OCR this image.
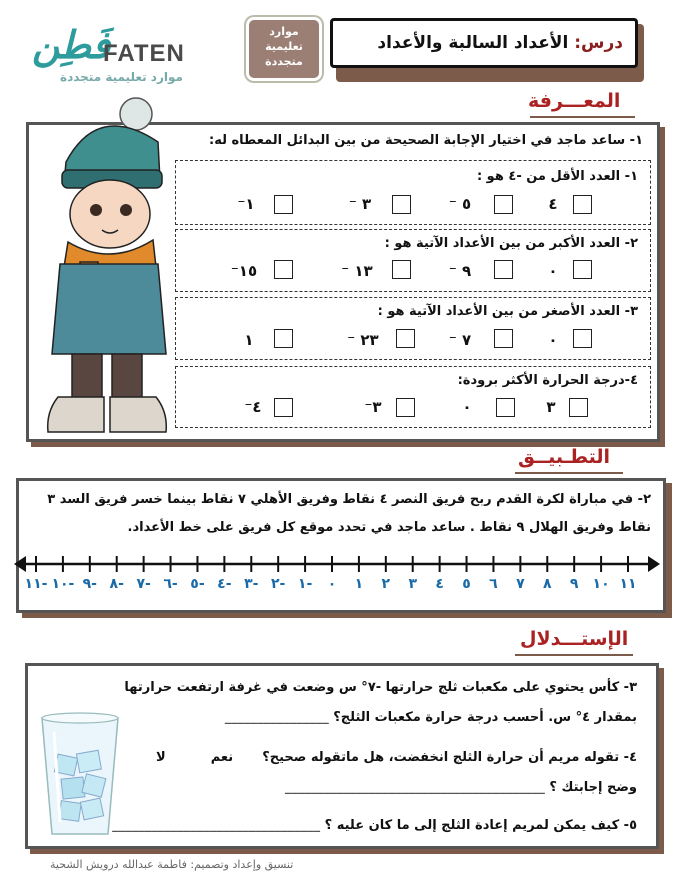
فَطِن
FATEN
موارد تعليمية متجددة
موارد
تعليمية
متجددة
درس: الأعداد السالبة والأعداد
المعـــرفة
١- ساعد ماجد في اختيار الإجابة الصحيحة من بين البدائل المعطاه له:
١- العدد الأقل من -٤ هو :
٢- العدد الأكبر من بين الأعداد الآتية هو :
٣- العدد الأصغر من بين الأعداد الآتية هو :
٤-درجة الحرارة الأكثر برودة:
٤
٥ ⁻
٣ ⁻
١⁻
٠
٩ ⁻
١٣ ⁻
١٥⁻
٠
٧ ⁻
٢٣ ⁻
١
٣
٠
٣⁻
٤⁻
التطـبيــق
٢- في مباراة لكرة القدم ربح فريق النصر ٤ نقاط وفريق الأهلي ٧ نقاط بينما خسر فريق السد ٣
نقاط وفريق الهلال ٩ نقاط . ساعد ماجد في تحدد موقع كل فريق على خط الأعداد.
-١١ -١٠ -٩ -٨ -٧ -٦ -٥ -٤ -٣ -٢ -١	٠	١	٢	٣	٤	٥	٦	٧	٨	٩	١٠ ١١
الإستـــدلال
٣- كأس يحتوي على مكعبات ثلج حرارتها -٧° س وضعت في غرفة ارتفعت حرارتها
بمقدار ٤° س. أحسب درجة حرارة مكعبات الثلج؟ ________________
٤- تقوله مريم أن حرارة الثلج انخفضت، هل ماتقوله صحيح؟  نعم  لا
وضح إجابتك ؟ ________________________________________
٥- كيف يمكن لمريم إعادة الثلج إلى ما كان عليه ؟ ________________________________
تنسيق وإعداد وتصميم: فاطمة عبدالله درويش الشحية
